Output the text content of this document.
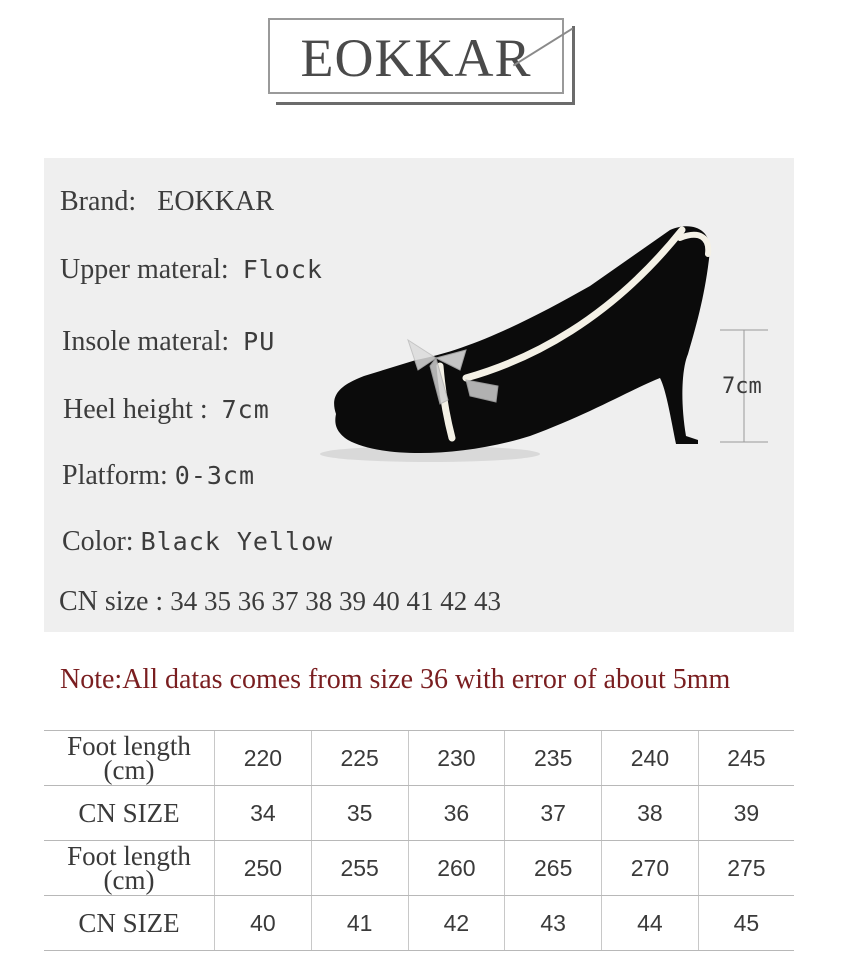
EOKKAR
Brand: EOKKAR
Upper materal: Flock
Insole materal: PU
Heel height : 7cm
Platform: 0-3cm
Color: Black Yellow
CN size : 34 35 36 37 38 39 40 41 42 43
7cm
Note:All datas comes from size 36 with error of about 5mm
Foot length
(cm)	220	225	230	235	240	245
CN SIZE	34	35	36	37	38	39

Foot length
(cm)	250	255	260	265	270	275
CN SIZE	40	41	42	43	44	45
